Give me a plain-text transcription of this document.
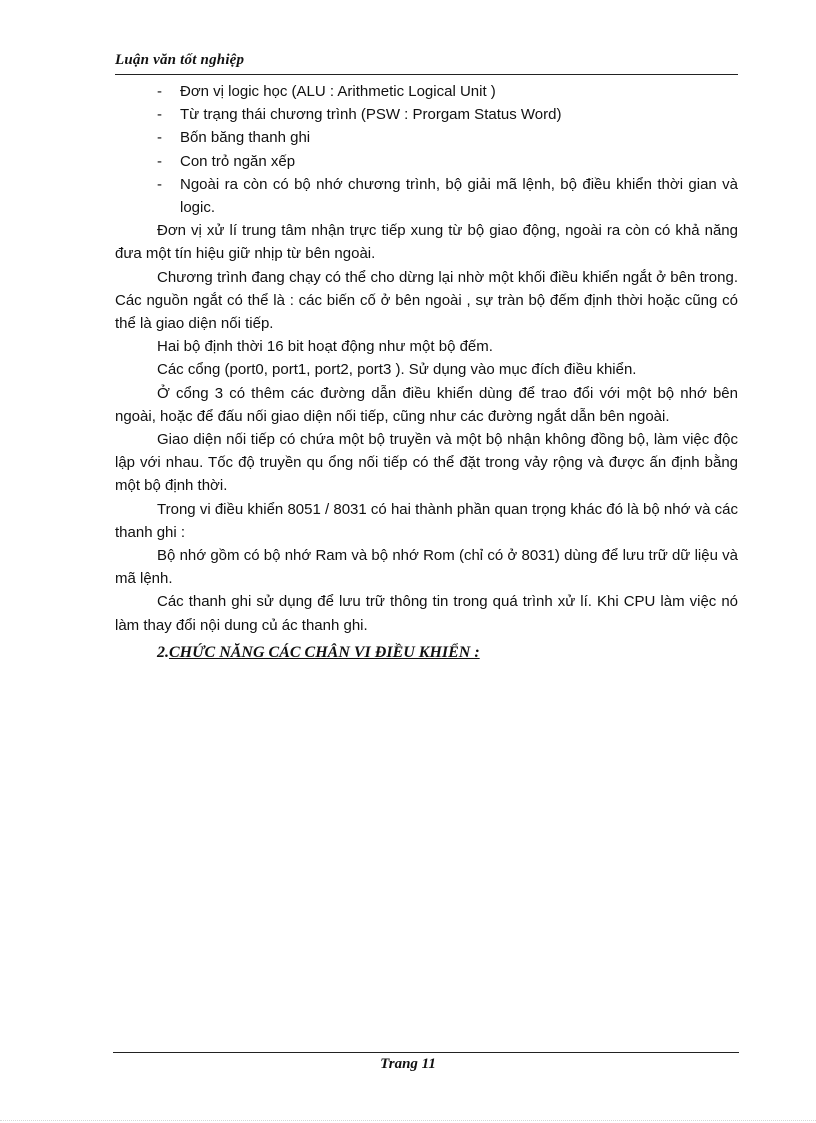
Luận văn tốt nghiệp
- Đơn vị logic học (ALU : Arithmetic Logical Unit )
- Từ trạng thái chương trình (PSW : Prorgam Status Word)
- Bốn băng thanh ghi
- Con trỏ ngăn xếp
- Ngoài ra còn có bộ nhớ chương trình, bộ giải mã lệnh, bộ điều khiển thời gian và logic.

Đơn vị xử lí trung tâm nhận trực tiếp xung từ bộ giao động, ngoài ra còn có khả năng đưa một tín hiệu giữ nhịp từ bên ngoài.

Chương trình đang chạy có thể cho dừng lại nhờ một khối điều khiển ngắt ở bên trong. Các nguồn ngắt có thể là : các biến cố ở bên ngoài , sự tràn bộ đếm định thời hoặc cũng có thể là giao diện nối tiếp.

Hai bộ định thời 16 bit hoạt động như một bộ đếm.

Các cổng (port0, port1, port2, port3 ). Sử dụng vào mục đích điều khiển.

Ở cổng 3 có thêm các đường dẫn điều khiển dùng để trao đổi với một bộ nhớ bên ngoài, hoặc để đấu nối giao diện nối tiếp, cũng như các đường ngắt dẫn bên ngoài.

Giao diện nối tiếp có chứa một bộ truyền và một bộ nhận không đồng bộ, làm việc độc lập với nhau. Tốc độ truyền qu ổng nối tiếp có thể đặt trong vảy rộng và được ấn định bằng một bộ định thời.

Trong vi điều khiển 8051 / 8031 có hai thành phần quan trọng khác đó là bộ nhớ và các thanh ghi :

Bộ nhớ gồm có bộ nhớ Ram và bộ nhớ Rom (chỉ có ở 8031) dùng để lưu trữ dữ liệu và mã lệnh.

Các thanh ghi sử dụng để lưu trữ thông tin trong quá trình xử lí. Khi CPU làm việc nó làm thay đổi nội dung củ ác thanh ghi.

2.CHỨC NĂNG CÁC CHÂN VI ĐIỀU KHIỂN :
Trang 11
